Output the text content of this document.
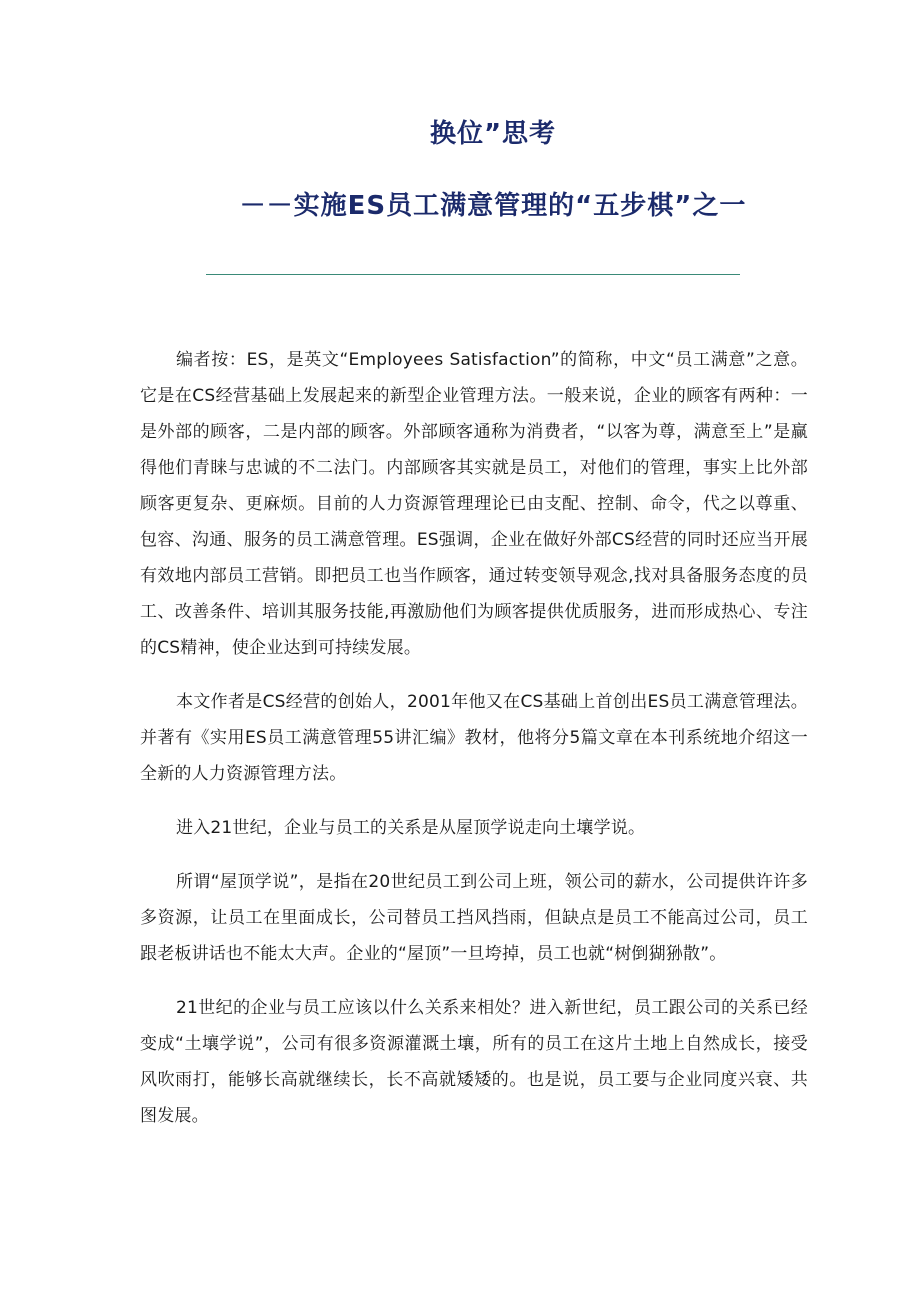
换位”思考
－－实施ES员工满意管理的“五步棋”之一

编者按：ES，是英文“Employees Satisfaction”的简称，中文“员工满意”之意。它是在CS经营基础上发展起来的新型企业管理方法。一般来说，企业的顾客有两种：一是外部的顾客，二是内部的顾客。外部顾客通称为消费者，“以客为尊，满意至上”是赢得他们青睐与忠诚的不二法门。内部顾客其实就是员工，对他们的管理，事实上比外部顾客更复杂、更麻烦。目前的人力资源管理理论已由支配、控制、命令，代之以尊重、包容、沟通、服务的员工满意管理。ES强调，企业在做好外部CS经营的同时还应当开展有效地内部员工营销。即把员工也当作顾客，通过转变领导观念,找对具备服务态度的员工、改善条件、培训其服务技能,再激励他们为顾客提供优质服务，进而形成热心、专注的CS精神，使企业达到可持续发展。

本文作者是CS经营的创始人，2001年他又在CS基础上首创出ES员工满意管理法。并著有《实用ES员工满意管理55讲汇编》教材，他将分5篇文章在本刊系统地介绍这一全新的人力资源管理方法。

进入21世纪，企业与员工的关系是从屋顶学说走向土壤学说。

所谓“屋顶学说”，是指在20世纪员工到公司上班，领公司的薪水，公司提供许许多多资源，让员工在里面成长，公司替员工挡风挡雨，但缺点是员工不能高过公司，员工跟老板讲话也不能太大声。企业的“屋顶”一旦垮掉，员工也就“树倒猢狲散”。

21世纪的企业与员工应该以什么关系来相处？进入新世纪，员工跟公司的关系已经变成“土壤学说”，公司有很多资源灌溉土壤，所有的员工在这片土地上自然成长，接受风吹雨打，能够长高就继续长，长不高就矮矮的。也是说，员工要与企业同度兴衰、共图发展。
